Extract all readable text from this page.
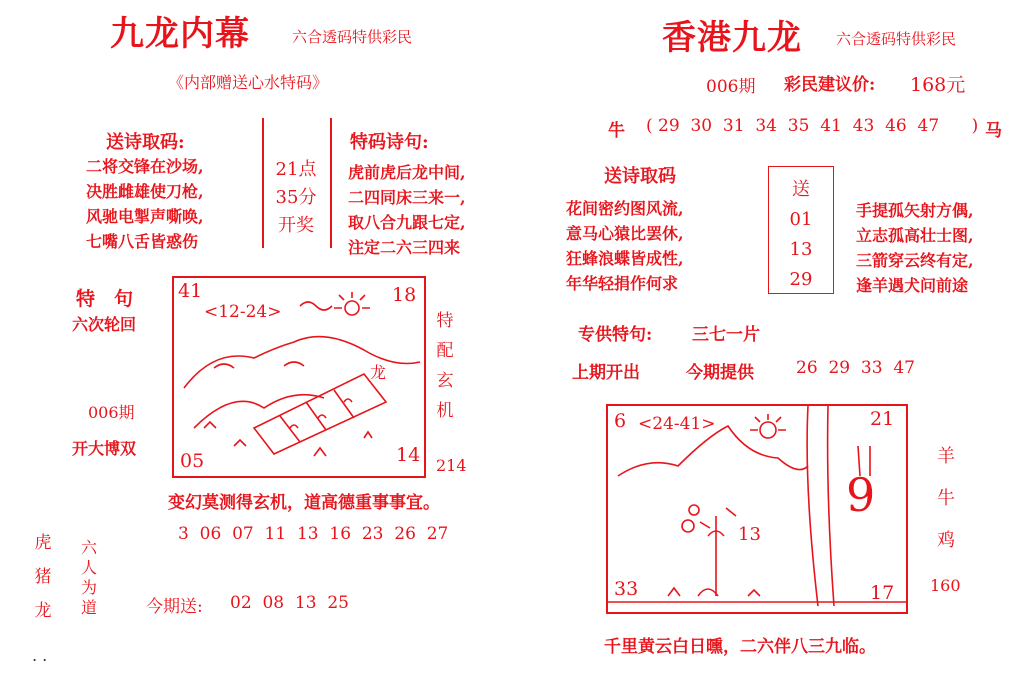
九龙内幕	六合透码特供彩民
《内部赠送心水特码》
送诗取码:
二将交锋在沙场,
决胜雌雄使刀枪,
风驰电掣声嘶唤,
七嘴八舌皆惑伤
21点
35分
开奖
特码诗句:
虎前虎后龙中间,
二四同床三来一,
取八合九跟七定,
注定二六三四来
特　句
六次轮回
006期
开大博双
41	18
05	14
<12-24>
龙
特
配
玄
机
214
变幻莫测得玄机，道高德重事事宜。
3  06  07  11  13  16  23  26  27
虎
猪
龙
六
人
为
道	今期送: 02  08  13  25
. .
香港九龙 六合透码特供彩民
006期 彩民建议价: 168元
牛 ( 29  30  31  34  35  41  43  46  47      ) 马
送诗取码
花间密约图风流,
意马心猿比罢休,
狂蜂浪蝶皆成性,
年华轻捐作何求
送
01
13
29
手提孤矢射方偶,
立志孤高壮士图,
三箭穿云终有定,
逢羊遇犬问前途
专供特句: 三七一片
上期开出	今期提供 26  29  33  47
6	21
33	17
9
<24-41>
13
羊
牛
鸡
160
千里黄云白日曛，二六伴八三九临。
